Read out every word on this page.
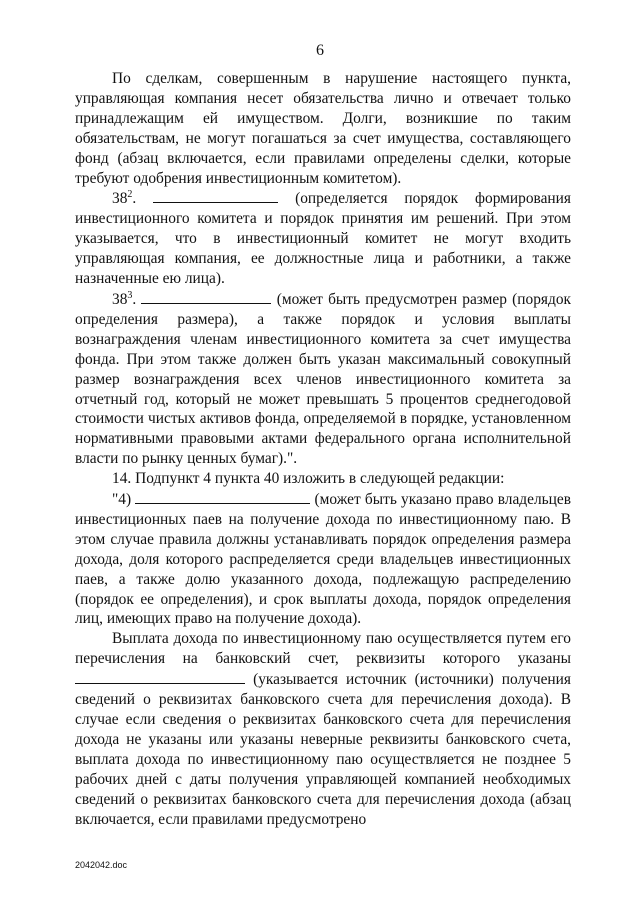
6

По сделкам, совершенным в нарушение настоящего пункта, управляющая компания несет обязательства лично и отвечает только принадлежащим ей имуществом. Долги, возникшие по таким обязательствам, не могут погашаться за счет имущества, составляющего фонд (абзац включается, если правилами определены сделки, которые требуют одобрения инвестиционным комитетом).

$38^2$.	(определяется порядок формирования инвестиционного комитета и порядок принятия им решений. При этом указывается, что в инвестиционный комитет не могут входить управляющая компания, ее должностные лица и работники, а также назначенные ею лица).

$38^3$.	(может быть предусмотрен размер (порядок определения размера), а также порядок и условия выплаты вознаграждения членам инвестиционного комитета за счет имущества фонда. При этом также должен быть указан максимальный совокупный размер вознаграждения всех членов инвестиционного комитета за отчетный год, который не может превышать 5 процентов среднегодовой стоимости чистых активов фонда, определяемой в порядке, установленном нормативными правовыми актами федерального органа исполнительной власти по рынку ценных бумаг).".

14. Подпункт 4 пункта 40 изложить в следующей редакции:

"4)	(может быть указано право владельцев инвестиционных паев на получение дохода по инвестиционному паю. В этом случае правила должны устанавливать порядок определения размера дохода, доля которого распределяется среди владельцев инвестиционных паев, а также долю указанного дохода, подлежащую распределению (порядок ее определения), и срок выплаты дохода, порядок определения лиц, имеющих право на получение дохода).

Выплата дохода по инвестиционному паю осуществляется путем его перечисления на банковский счет, реквизиты которого указаны  (указывается источник (источники) получения сведений о реквизитах банковского счета для перечисления дохода). В случае если сведения о реквизитах банковского счета для перечисления дохода не указаны или указаны неверные реквизиты банковского счета, выплата дохода по инвестиционному паю осуществляется не позднее 5 рабочих дней с даты получения управляющей компанией необходимых сведений о реквизитах банковского счета для перечисления дохода (абзац включается, если правилами предусмотрено

2042042.doc
